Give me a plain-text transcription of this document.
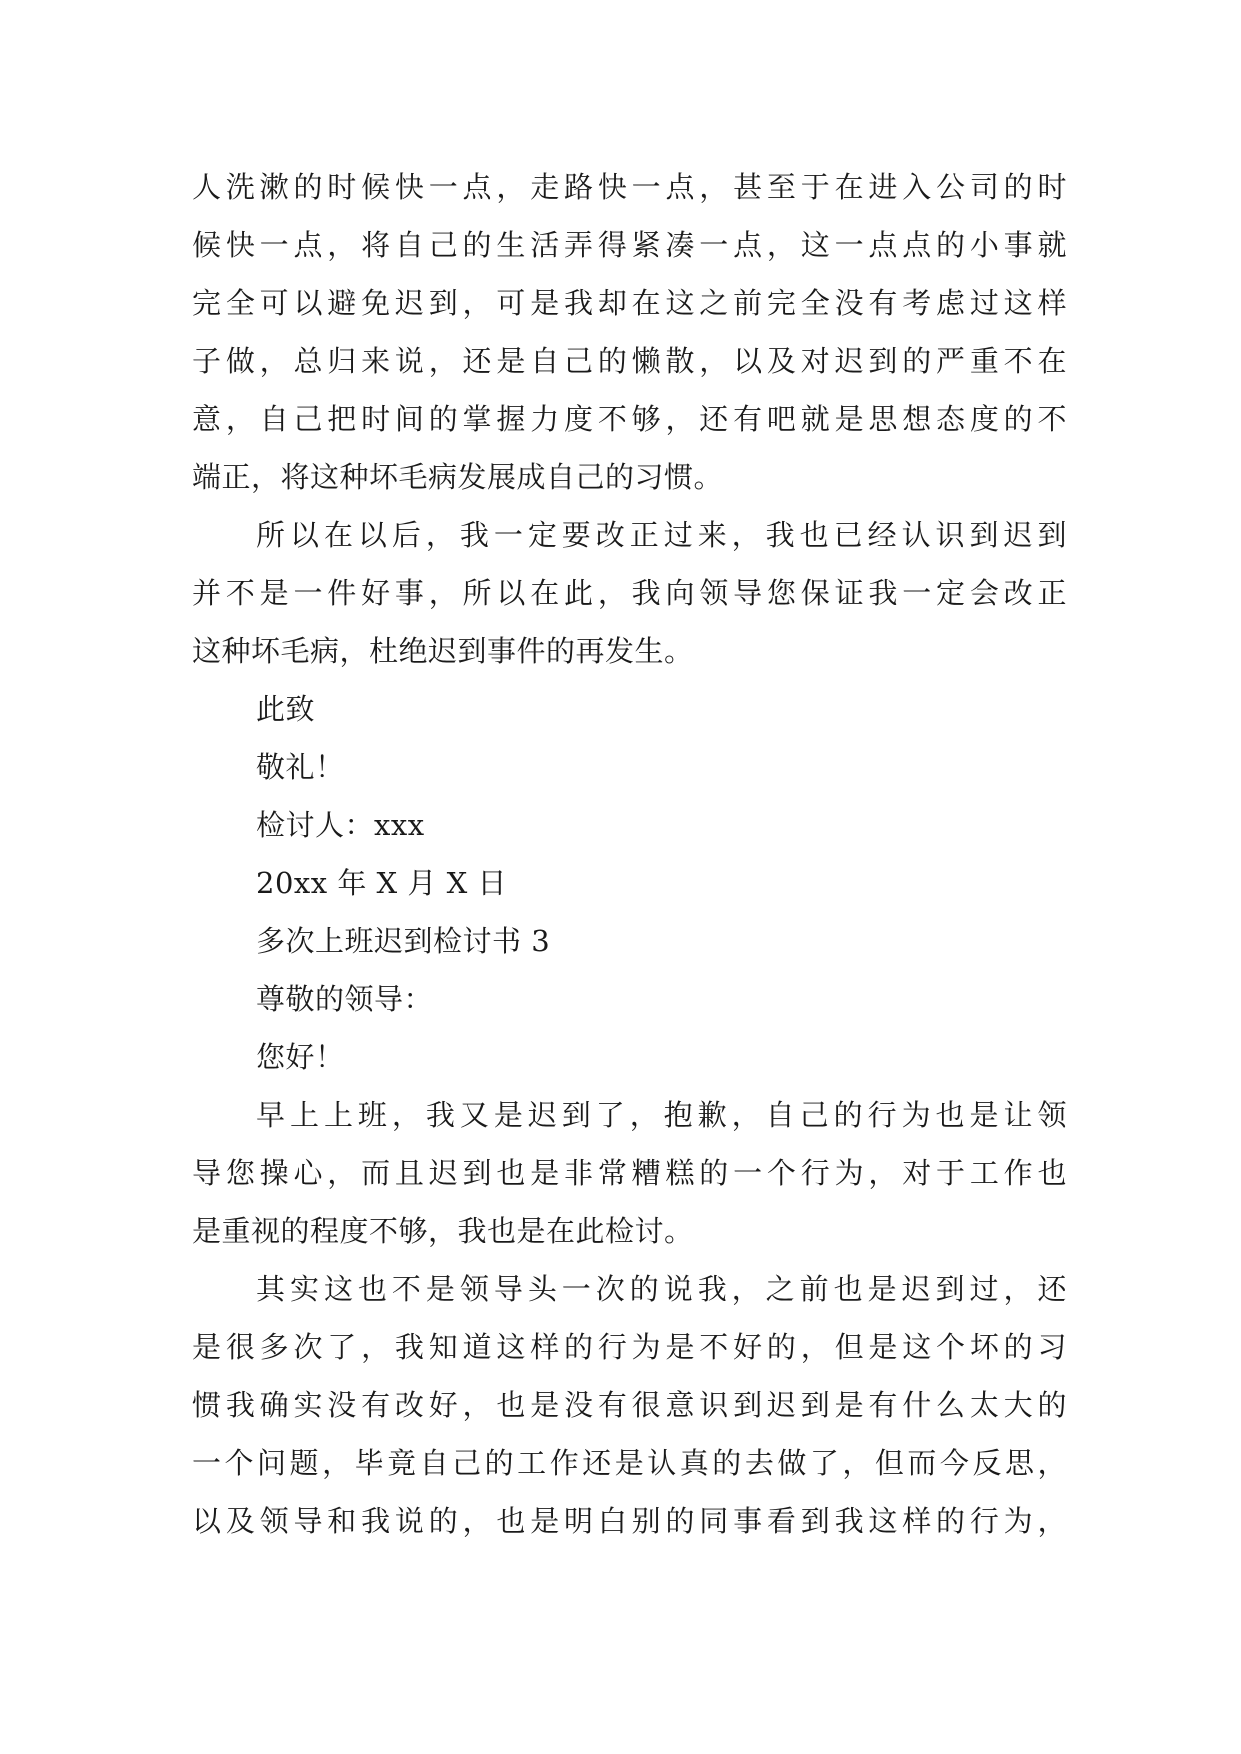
人洗漱的时候快一点，走路快一点，甚至于在进入公司的时

候快一点，将自己的生活弄得紧凑一点，这一点点的小事就

完全可以避免迟到，可是我却在这之前完全没有考虑过这样

子做，总归来说，还是自己的懒散，以及对迟到的严重不在

意，自己把时间的掌握力度不够，还有吧就是思想态度的不

端正，将这种坏毛病发展成自己的习惯。

所以在以后，我一定要改正过来，我也已经认识到迟到

并不是一件好事，所以在此，我向领导您保证我一定会改正

这种坏毛病，杜绝迟到事件的再发生。

此致

敬礼！

检讨人：xxx

20xx 年 X 月 X 日

多次上班迟到检讨书 3

尊敬的领导：

您好！

早上上班，我又是迟到了，抱歉，自己的行为也是让领

导您操心，而且迟到也是非常糟糕的一个行为，对于工作也

是重视的程度不够，我也是在此检讨。

其实这也不是领导头一次的说我，之前也是迟到过，还

是很多次了，我知道这样的行为是不好的，但是这个坏的习

惯我确实没有改好，也是没有很意识到迟到是有什么太大的

一个问题，毕竟自己的工作还是认真的去做了，但而今反思，

以及领导和我说的，也是明白别的同事看到我这样的行为，
